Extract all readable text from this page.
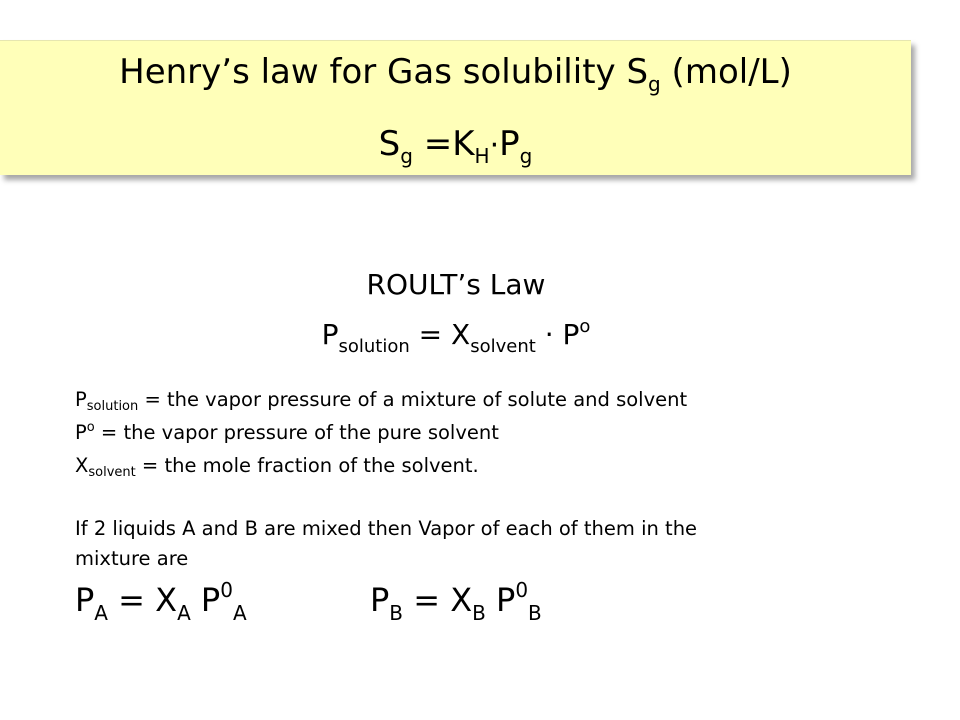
Henry’s law for Gas solubility $S_g$ (mol/L)
$S_g =K_H\cdot P_g$
ROULT’s Law
$P_{solution} = X_{solvent} \cdot P^o$
$P_{solution}$ = the vapor pressure of a mixture of solute and solvent
$P^o$ = the vapor pressure of the pure solvent
$X_{solvent}$ = the mole fraction of the solvent.
If 2 liquids A and B are mixed then Vapor of each of them in the
mixture are
$P_A = X_A$ $P^0_A$	$P_B = X_B$ $P^0_B$
